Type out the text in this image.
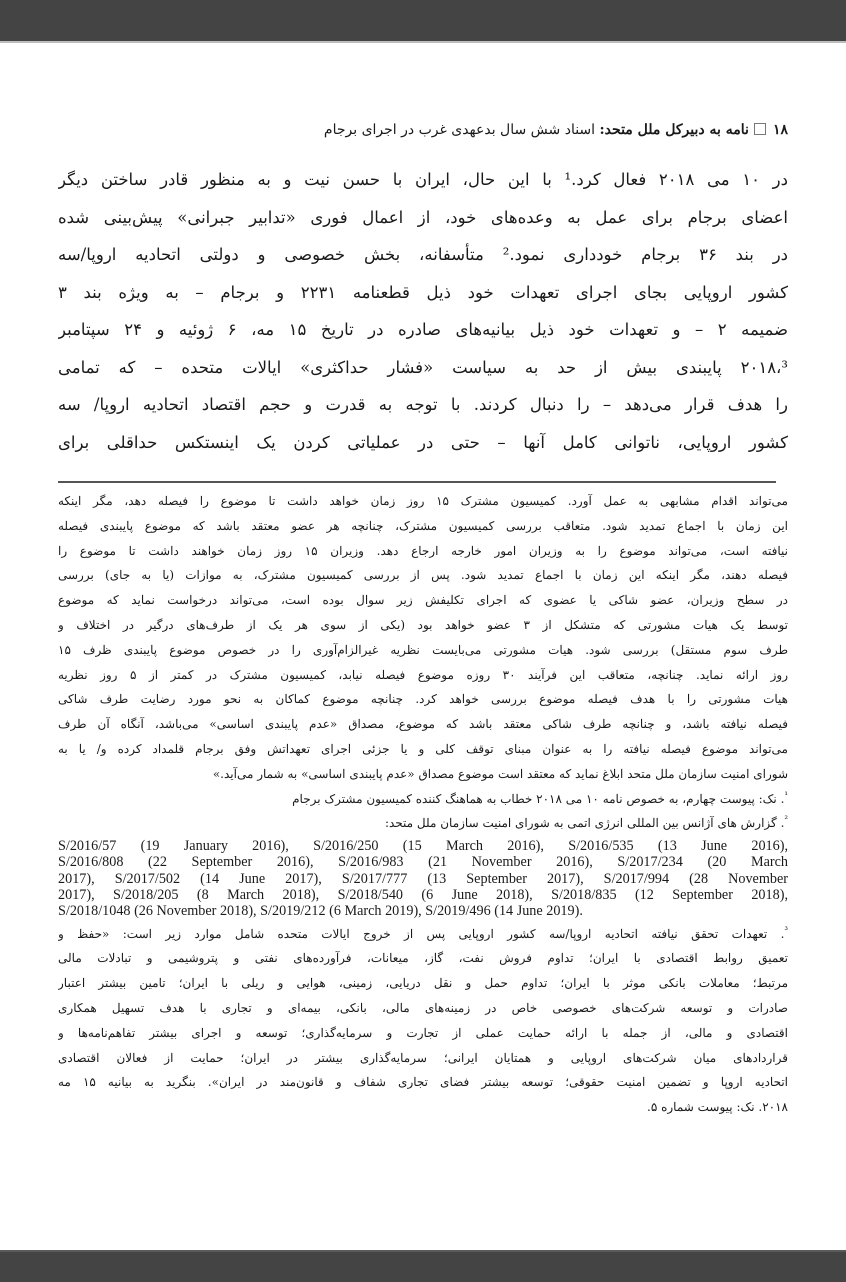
۱۸نامه به دبیرکل ملل متحد: اسناد شش سال بدعهدی غرب در اجرای برجام

در ۱۰ می ۲۰۱۸ فعال کرد.¹ با این حال، ایران با حسن نیت و به منظور قادر ساختن دیگر

اعضای برجام برای عمل به وعده‌های خود، از اعمال فوری «تدابیر جبرانی» پیش‌بینی شده

در بند ۳۶ برجام خودداری نمود.² متأسفانه، بخش خصوصی و دولتی اتحادیه اروپا/سه

کشور اروپایی بجای اجرای تعهدات خود ذیل قطعنامه ۲۲۳۱ و برجام – به ویژه بند ۳

ضمیمه ۲ – و تعهدات خود ذیل بیانیه‌های صادره در تاریخ ۱۵ مه، ۶ ژوئیه و ۲۴ سپتامبر

۲۰۱۸،³ پایبندی بیش از حد به سیاست «فشار حداکثری» ایالات متحده – که تمامی

را هدف قرار می‌دهد – را دنبال کردند. با توجه به قدرت و حجم اقتصاد اتحادیه اروپا/ سه

کشور اروپایی، ناتوانی کامل آنها – حتی در عملیاتی کردن یک اینستکس حداقلی برای

می‌تواند اقدام مشابهی به عمل آورد. کمیسیون مشترک ۱۵ روز زمان خواهد داشت تا موضوع را فیصله دهد، مگر اینکه

این زمان با اجماع تمدید شود. متعاقب بررسی کمیسیون مشترک، چنانچه هر عضو معتقد باشد که موضوع پایبندی فیصله

نیافته است، می‌تواند موضوع را به وزیران امور خارجه ارجاع دهد. وزیران ۱۵ روز زمان خواهند داشت تا موضوع را

فیصله دهند، مگر اینکه این زمان با اجماع تمدید شود. پس از بررسی کمیسیون مشترک، به موازات (یا به جای) بررسی

در سطح وزیران، عضو شاکی یا عضوی که اجرای تکلیفش زیر سوال بوده است، می‌تواند درخواست نماید که موضوع

توسط یک هیات مشورتی که متشکل از ۳ عضو خواهد بود (یکی از سوی هر یک از طرف‌های درگیر در اختلاف و

طرف سوم مستقل) بررسی شود. هیات مشورتی می‌بایست نظریه غیرالزام‌آوری را در خصوص موضوع پایبندی ظرف ۱۵

روز ارائه نماید. چنانچه، متعاقب این فرآیند ۳۰ روزه موضوع فیصله نیابد، کمیسیون مشترک در کمتر از ۵ روز نظریه

هیات مشورتی را با هدف فیصله موضوع بررسی خواهد کرد. چنانچه موضوع کماکان به نحو مورد رضایت طرف شاکی

فیصله نیافته باشد، و چنانچه طرف شاکی معتقد باشد که موضوع، مصداق «عدم پایبندی اساسی» می‌باشد، آنگاه آن طرف

می‌تواند موضوع فیصله نیافته را به عنوان مبنای توقف کلی و یا جزئی اجرای تعهداتش وفق برجام قلمداد کرده و/ یا به

شورای امنیت سازمان ملل متحد ابلاغ نماید که معتقد است موضوع مصداق «عدم پایبندی اساسی» به شمار می‌آید.»

$^{^1}$. نک: پیوست چهارم، به خصوص نامه ۱۰ می ۲۰۱۸ خطاب به هماهنگ کننده کمیسیون مشترک برجام

$^{^2}$. گزارش های آژانس بین المللی انرژی اتمی به شورای امنیت سازمان ملل متحد:

S/2016/57 (19 January 2016), S/2016/250 (15 March 2016), S/2016/535 (13 June 2016),

S/2016/808 (22 September 2016), S/2016/983 (21 November 2016), S/2017/234 (20 March

2017), S/2017/502 (14 June 2017), S/2017/777 (13 September 2017), S/2017/994 (28 November

2017), S/2018/205 (8 March 2018), S/2018/540 (6 June 2018), S/2018/835 (12 September 2018),

S/2018/1048 (26 November 2018), S/2019/212 (6 March 2019), S/2019/496 (14 June 2019).

$^{^3}$. تعهدات تحقق نیافته اتحادیه اروپا/سه کشور اروپایی پس از خروج ایالات متحده شامل موارد زیر است: «حفظ و

تعمیق روابط اقتصادی با ایران؛ تداوم فروش نفت، گاز، میعانات، فرآورده‌های نفتی و پتروشیمی و تبادلات مالی

مرتبط؛ معاملات بانکی موثر با ایران؛ تداوم حمل و نقل دریایی، زمینی، هوایی و ریلی با ایران؛ تامین بیشتر اعتبار

صادرات و توسعه شرکت‌های خصوصی خاص در زمینه‌های مالی، بانکی، بیمه‌ای و تجاری با هدف تسهیل همکاری

اقتصادی و مالی، از جمله با ارائه حمایت عملی از تجارت و سرمایه‌گذاری؛ توسعه و اجرای بیشتر تفاهم‌نامه‌ها و

قراردادهای میان شرکت‌های اروپایی و همتایان ایرانی؛ سرمایه‌گذاری بیشتر در ایران؛ حمایت از فعالان اقتصادی

اتحادیه اروپا و تضمین امنیت حقوقی؛ توسعه بیشتر فضای تجاری شفاف و قانون‌مند در ایران». بنگرید به بیانیه ۱۵ مه

۲۰۱۸. نک: پیوست شماره ۵.
